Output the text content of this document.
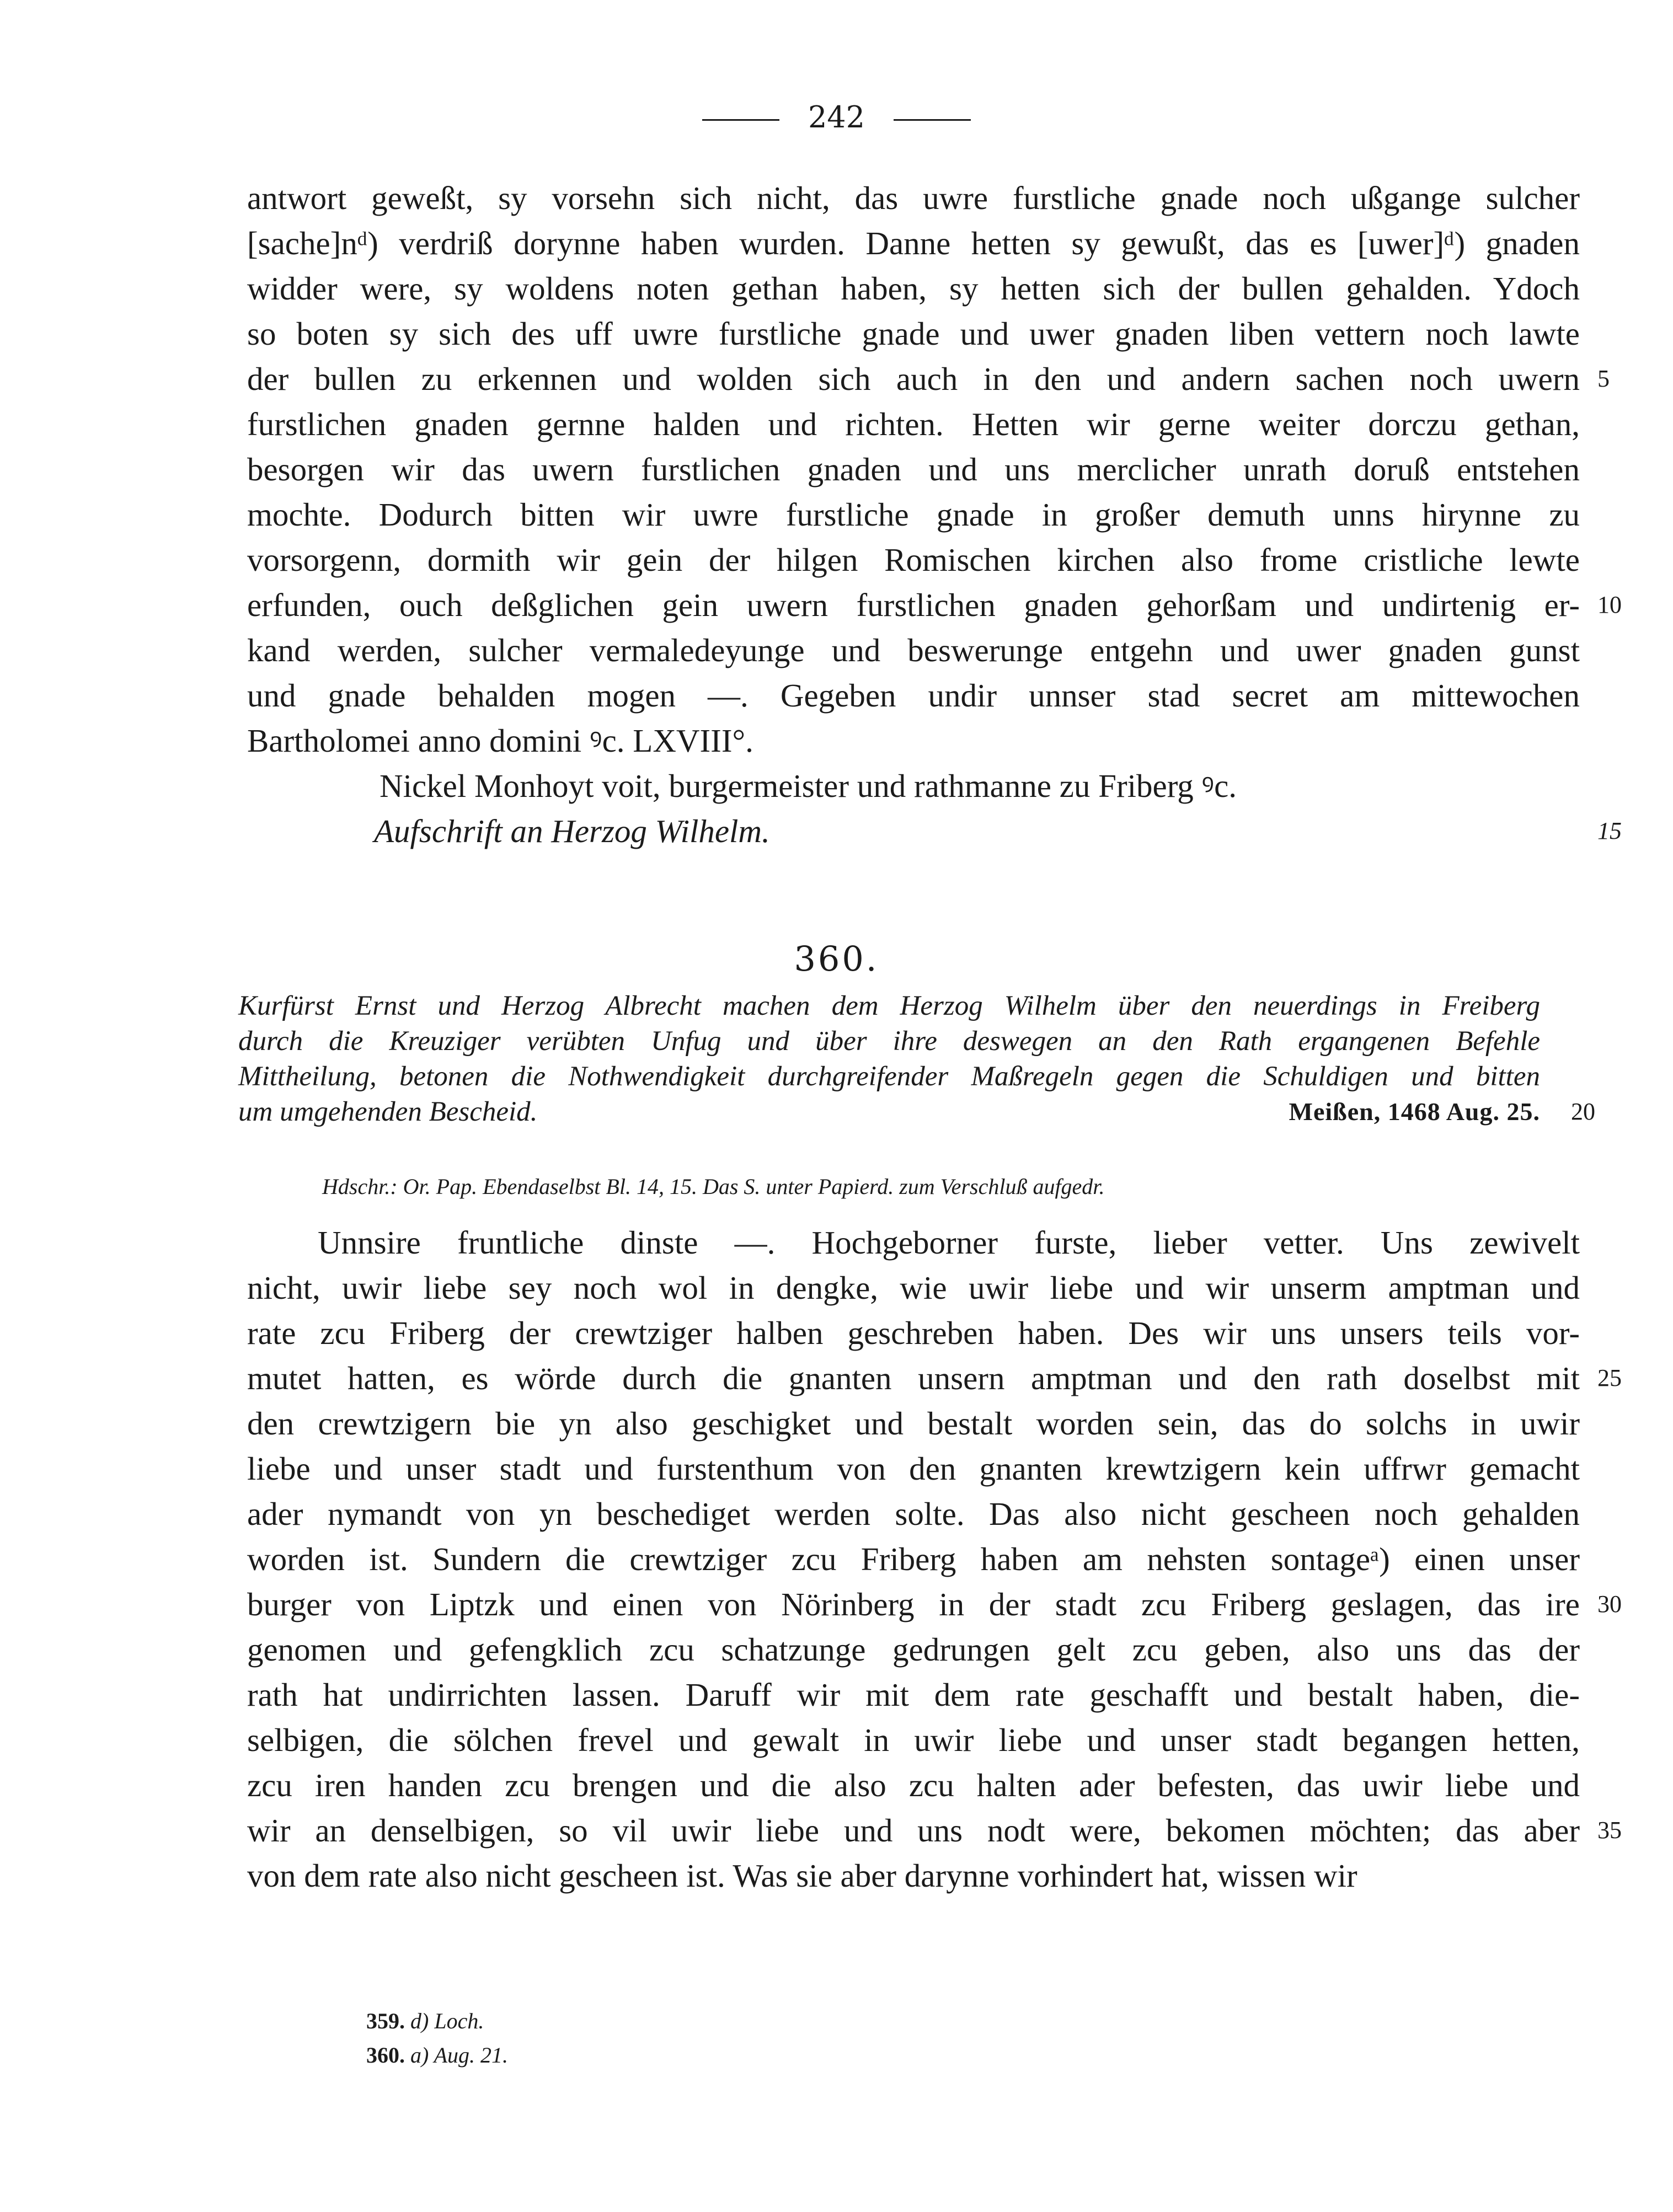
242
antwort geweßt, sy vorsehn sich nicht, das uwre furstliche gnade noch ußgange sulcher
[sache]nᵈ) verdriß dorynne haben wurden. Danne hetten sy gewußt, das es [uwer]ᵈ) gnaden
widder were, sy woldens noten gethan haben, sy hetten sich der bullen gehalden. Ydoch
so boten sy sich des uff uwre furstliche gnade und uwer gnaden liben vettern noch lawte
der bullen zu erkennen und wolden sich auch in den und andern sachen noch uwern 5
furstlichen gnaden gernne halden und richten. Hetten wir gerne weiter dorczu gethan,
besorgen wir das uwern furstlichen gnaden und uns merclicher unrath doruß entstehen
mochte. Dodurch bitten wir uwre furstliche gnade in großer demuth unns hirynne zu
vorsorgenn, dormith wir gein der hilgen Romischen kirchen also frome cristliche lewte
erfunden, ouch deßglichen gein uwern furstlichen gnaden gehorßam und undirtenig er- 10
kand werden, sulcher vermaledeyunge und beswerunge entgehn und uwer gnaden gunst
und gnade behalden mogen —. Gegeben undir unnser stad secret am mittewochen
Bartholomei anno domini ꝰc. LXVIII°.
Nickel Monhoyt voit, burgermeister und rathmanne zu Friberg ꝰc.
Aufschrift an Herzog Wilhelm.	15
360.
Kurfürst Ernst und Herzog Albrecht machen dem Herzog Wilhelm über den neuerdings in Freiberg
durch die Kreuziger verübten Unfug und über ihre deswegen an den Rath ergangenen Befehle
Mittheilung, betonen die Nothwendigkeit durchgreifender Maßregeln gegen die Schuldigen und bitten
um umgehenden Bescheid.	Meißen, 1468 Aug. 25. 20
Hdschr.: Or. Pap. Ebendaselbst Bl. 14, 15. Das S. unter Papierd. zum Verschluß aufgedr.
Unnsire fruntliche dinste —. Hochgeborner furste, lieber vetter. Uns zewivelt
nicht, uwir liebe sey noch wol in dengke, wie uwir liebe und wir unserm amptman und
rate zcu Friberg der crewtziger halben geschreben haben. Des wir uns unsers teils vor-
mutet hatten, es wörde durch die gnanten unsern amptman und den rath doselbst mit 25
den crewtzigern bie yn also geschigket und bestalt worden sein, das do solchs in uwir
liebe und unser stadt und furstenthum von den gnanten krewtzigern kein uffrwr gemacht
ader nymandt von yn beschediget werden solte. Das also nicht gescheen noch gehalden
worden ist. Sundern die crewtziger zcu Friberg haben am nehsten sontageᵃ) einen unser
burger von Liptzk und einen von Nörinberg in der stadt zcu Friberg geslagen, das ire 30
genomen und gefengklich zcu schatzunge gedrungen gelt zcu geben, also uns das der
rath hat undirrichten lassen. Daruff wir mit dem rate geschafft und bestalt haben, die-
selbigen, die sölchen frevel und gewalt in uwir liebe und unser stadt begangen hetten,
zcu iren handen zcu brengen und die also zcu halten ader befesten, das uwir liebe und
wir an denselbigen, so vil uwir liebe und uns nodt were, bekomen möchten; das aber 35
von dem rate also nicht gescheen ist. Was sie aber darynne vorhindert hat, wissen wir
359. d) Loch.
360. a) Aug. 21.
